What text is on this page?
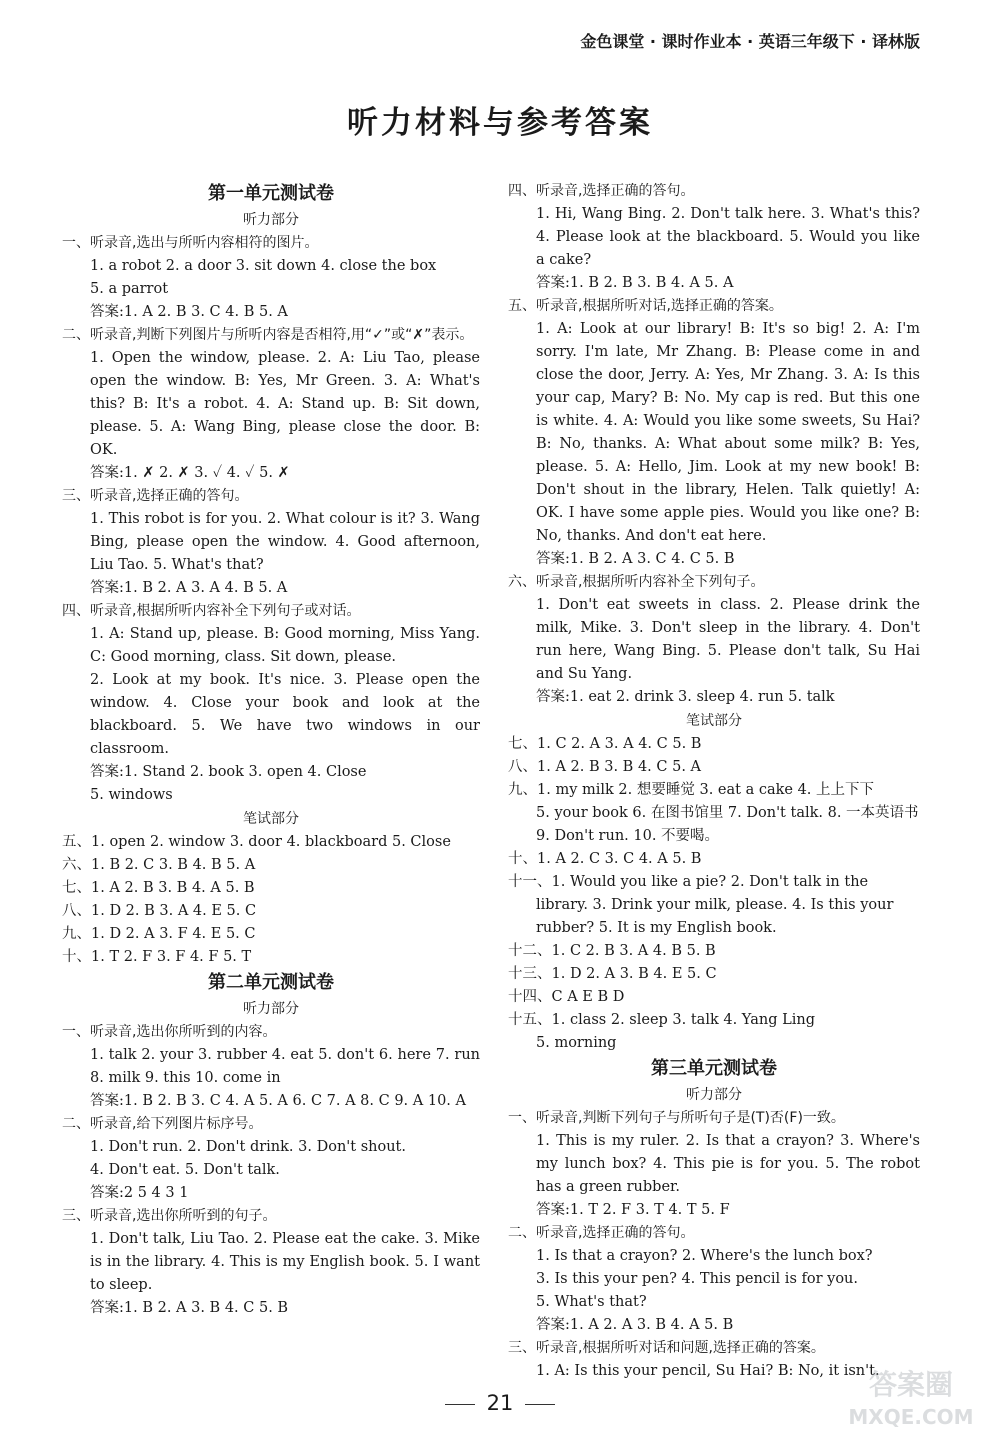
金色课堂 · 课时作业本 · 英语三年级下 · 译林版
听力材料与参考答案
第一单元测试卷
听力部分
一、听录音,选出与所听内容相符的图片。
1. a robot 2. a door 3. sit down 4. close the box
5. a parrot
答案:1. A 2. B 3. C 4. B 5. A
二、听录音,判断下列图片与所听内容是否相符,用“✓”或“✗”表示。
1. Open the window, please. 2. A: Liu Tao, please open the window. B: Yes, Mr Green. 3. A: What's this? B: It's a robot. 4. A: Stand up. B: Sit down, please. 5. A: Wang Bing, please close the door. B: OK.
答案:1. ✗ 2. ✗ 3. ✓ 4. ✓ 5. ✗
三、听录音,选择正确的答句。
1. This robot is for you. 2. What colour is it? 3. Wang Bing, please open the window. 4. Good afternoon, Liu Tao. 5. What's that?
答案:1. B 2. A 3. A 4. B 5. A
四、听录音,根据所听内容补全下列句子或对话。
1. A: Stand up, please. B: Good morning, Miss Yang. C: Good morning, class. Sit down, please.
2. Look at my book. It's nice. 3. Please open the window. 4. Close your book and look at the blackboard. 5. We have two windows in our classroom.
答案:1. Stand 2. book 3. open 4. Close
5. windows
笔试部分
五、1. open 2. window 3. door 4. blackboard 5. Close
六、1. B 2. C 3. B 4. B 5. A
七、1. A 2. B 3. B 4. A 5. B
八、1. D 2. B 3. A 4. E 5. C
九、1. D 2. A 3. F 4. E 5. C
十、1. T 2. F 3. F 4. F 5. T
第二单元测试卷
听力部分
一、听录音,选出你所听到的内容。
1. talk 2. your 3. rubber 4. eat 5. don't 6. here 7. run 8. milk 9. this 10. come in
答案:1. B 2. B 3. C 4. A 5. A 6. C 7. A 8. C 9. A 10. A
二、听录音,给下列图片标序号。
1. Don't run. 2. Don't drink. 3. Don't shout.
4. Don't eat. 5. Don't talk.
答案:2 5 4 3 1
三、听录音,选出你所听到的句子。
1. Don't talk, Liu Tao. 2. Please eat the cake. 3. Mike is in the library. 4. This is my English book. 5. I want to sleep.
答案:1. B 2. A 3. B 4. C 5. B
四、听录音,选择正确的答句。
1. Hi, Wang Bing. 2. Don't talk here. 3. What's this? 4. Please look at the blackboard. 5. Would you like a cake?
答案:1. B 2. B 3. B 4. A 5. A
五、听录音,根据所听对话,选择正确的答案。
1. A: Look at our library! B: It's so big! 2. A: I'm sorry. I'm late, Mr Zhang. B: Please come in and close the door, Jerry. A: Yes, Mr Zhang. 3. A: Is this your cap, Mary? B: No. My cap is red. But this one is white. 4. A: Would you like some sweets, Su Hai? B: No, thanks. A: What about some milk? B: Yes, please. 5. A: Hello, Jim. Look at my new book! B: Don't shout in the library, Helen. Talk quietly! A: OK. I have some apple pies. Would you like one? B: No, thanks. And don't eat here.
答案:1. B 2. A 3. C 4. C 5. B
六、听录音,根据所听内容补全下列句子。
1. Don't eat sweets in class. 2. Please drink the milk, Mike. 3. Don't sleep in the library. 4. Don't run here, Wang Bing. 5. Please don't talk, Su Hai and Su Yang.
答案:1. eat 2. drink 3. sleep 4. run 5. talk
笔试部分
七、1. C 2. A 3. A 4. C 5. B
八、1. A 2. B 3. B 4. C 5. A
九、1. my milk 2. 想要睡觉 3. eat a cake 4. 上上下下
5. your book 6. 在图书馆里 7. Don't talk. 8. 一本英语书 9. Don't run. 10. 不要喝。
十、1. A 2. C 3. C 4. A 5. B
十一、1. Would you like a pie? 2. Don't talk in the
library. 3. Drink your milk, please. 4. Is this your rubber? 5. It is my English book.
十二、1. C 2. B 3. A 4. B 5. B
十三、1. D 2. A 3. B 4. E 5. C
十四、C A E B D
十五、1. class 2. sleep 3. talk 4. Yang Ling
5. morning
第三单元测试卷
听力部分
一、听录音,判断下列句子与所听句子是(T)否(F)一致。
1. This is my ruler. 2. Is that a crayon? 3. Where's my lunch box? 4. This pie is for you. 5. The robot has a green rubber.
答案:1. T 2. F 3. T 4. T 5. F
二、听录音,选择正确的答句。
1. Is that a crayon? 2. Where's the lunch box?
3. Is this your pen? 4. This pencil is for you.
5. What's that?
答案:1. A 2. A 3. B 4. A 5. B
三、听录音,根据所听对话和问题,选择正确的答案。
1. A: Is this your pencil, Su Hai? B: No, it isn't.
21
答案圈
MXQE.COM
